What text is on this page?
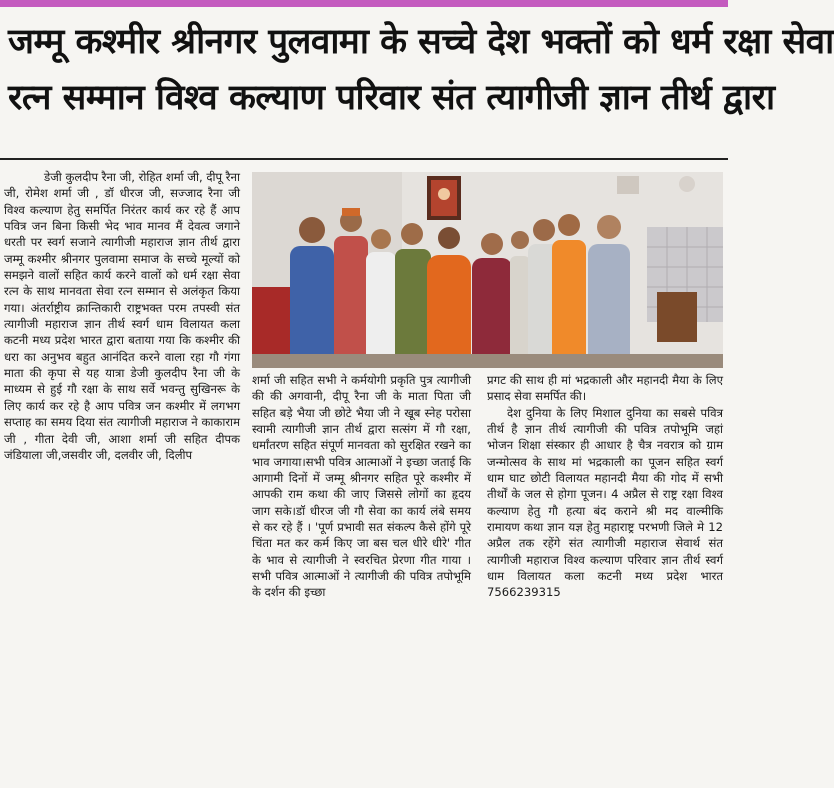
जम्मू कश्मीर श्रीनगर पुलवामा के सच्चे देश भक्तों को धर्म रक्षा सेवा
रत्न सम्मान विश्व कल्याण परिवार संत त्यागीजी ज्ञान तीर्थ द्वारा

डेजी कुलदीप रैना जी, रोहित शर्मा जी, दीपू रैना जी, रोमेश शर्मा जी , डॉ धीरज जी, सज्जाद रैना जी विश्व कल्याण हेतु समर्पित निरंतर कार्य कर रहे हैं आप पवित्र जन बिना किसी भेद भाव मानव मैं देवत्व जगाने धरती पर स्वर्ग सजाने त्यागीजी महाराज ज्ञान तीर्थ द्वारा जम्मू कश्मीर श्रीनगर पुलवामा समाज के सच्चे मूल्यों को समझने वालों सहित कार्य करने वालों को धर्म रक्षा सेवा रत्न के साथ मानवता सेवा रत्न सम्मान से अलंकृत किया गया। अंतर्राष्ट्रीय क्रान्तिकारी राष्ट्रभक्त परम तपस्वी संत त्यागीजी महाराज ज्ञान तीर्थ स्वर्ग धाम विलायत कला कटनी मध्य प्रदेश भारत द्वारा बताया गया कि कश्मीर की धरा का अनुभव बहुत आनंदित करने वाला रहा गौ गंगा माता की कृपा से यह यात्रा डेजी कुलदीप रैना जी के माध्यम से हुई गौ रक्षा के साथ सर्वे भवन्तु सुखिनरू के लिए कार्य कर रहे है आप पवित्र जन कश्मीर में लगभग सप्ताह का समय दिया संत त्यागीजी महाराज ने काकाराम जी , गीता देवी जी, आशा शर्मा जी सहित दीपक जंडियाला जी,जसवीर जी, दलवीर जी, दिलीप

शर्मा जी सहित सभी ने कर्मयोगी प्रकृति पुत्र त्यागीजी की की अगवानी, दीपू रैना जी के माता पिता जी सहित बड़े भैया जी छोटे भैया जी ने खूब स्नेह परोसा स्वामी त्यागीजी ज्ञान तीर्थ द्वारा सत्संग में गौ रक्षा, धर्मांतरण सहित संपूर्ण मानवता को सुरक्षित रखने का भाव जगाया।सभी पवित्र आत्माओं ने इच्छा जताई कि आगामी दिनों में जम्मू श्रीनगर सहित पूरे कश्मीर में आपकी राम कथा की जाए जिससे लोगों का हृदय जाग सके।डॉ धीरज जी गौ सेवा का कार्य लंबे समय से कर रहे हैं । 'पूर्ण प्रभावी सत संकल्प कैसे होंगे पूरे चिंता मत कर कर्म किए जा बस चल धीरे धीरे' गीत के भाव से त्यागीजी ने स्वरचित प्रेरणा गीत गाया ।सभी पवित्र आत्माओं ने त्यागीजी की पवित्र तपोभूमि के दर्शन की इच्छा

प्रगट की साथ ही मां भद्रकाली और महानदी मैया के लिए प्रसाद सेवा समर्पित की।

देश दुनिया के लिए मिशाल दुनिया का सबसे पवित्र तीर्थ है ज्ञान तीर्थ त्यागीजी की पवित्र तपोभूमि जहां भोजन शिक्षा संस्कार ही आधार है चैत्र नवरात्र को ग्राम जन्मोत्सव के साथ मां भद्रकाली का पूजन सहित स्वर्ग धाम घाट छोटी विलायत महानदी मैया की गोद में सभी तीर्थों के जल से होगा पूजन। 4 अप्रैल से राष्ट्र रक्षा विश्व कल्याण हेतु गौ हत्या बंद कराने श्री मद वाल्मीकि रामायण कथा ज्ञान यज्ञ हेतु महाराष्ट्र परभणी जिले मे 12 अप्रैल तक रहेंगे संत त्यागीजी महाराज सेवार्थ संत त्यागीजी महाराज विश्व कल्याण परिवार ज्ञान तीर्थ स्वर्ग धाम विलायत कला कटनी मध्य प्रदेश भारत 7566239315
